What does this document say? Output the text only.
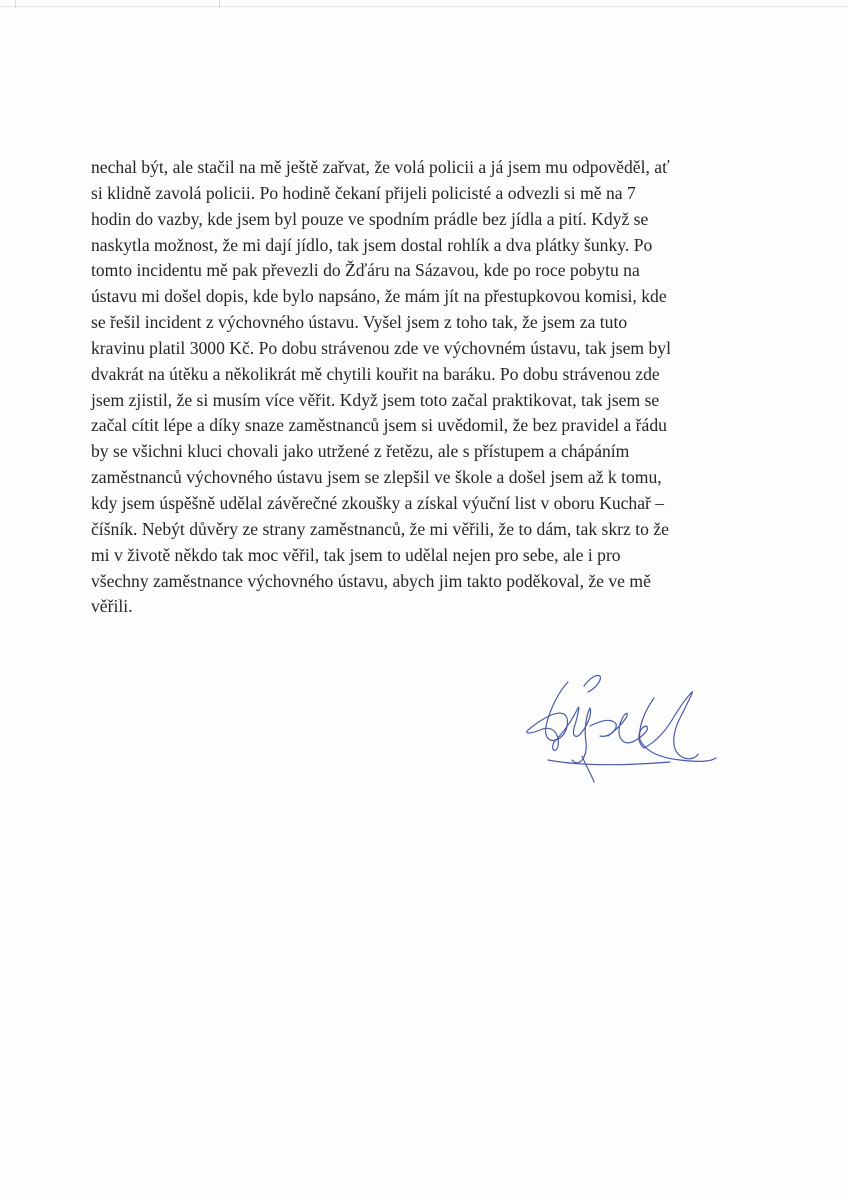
nechal být, ale stačil na mě ještě zařvat, že volá policii a já jsem mu odpověděl, ať
si klidně zavolá policii. Po hodině čekaní přijeli policisté a odvezli si mě na 7
hodin do vazby, kde jsem byl pouze ve spodním prádle bez jídla a pití. Když se
naskytla možnost, že mi dají jídlo, tak jsem dostal rohlík a dva plátky šunky. Po
tomto incidentu mě pak převezli do Žďáru na Sázavou, kde po roce pobytu na
ústavu mi došel dopis, kde bylo napsáno, že mám jít na přestupkovou komisi, kde
se řešil incident z výchovného ústavu. Vyšel jsem z toho tak, že jsem za tuto
kravinu platil 3000 Kč. Po dobu strávenou zde ve výchovném ústavu, tak jsem byl
dvakrát na útěku a několikrát mě chytili kouřit na baráku. Po dobu strávenou zde
jsem zjistil, že si musím více věřit. Když jsem toto začal praktikovat, tak jsem se
začal cítit lépe a díky snaze zaměstnanců jsem si uvědomil, že bez pravidel a řádu
by se všichni kluci chovali jako utržené z řetězu, ale s přístupem a chápáním
zaměstnanců výchovného ústavu jsem se zlepšil ve škole a došel jsem až k tomu,
kdy jsem úspěšně udělal závěrečné zkoušky a získal výuční list v oboru Kuchař –
číšník. Nebýt důvěry ze strany zaměstnanců, že mi věřili, že to dám, tak skrz to že
mi v životě někdo tak moc věřil, tak jsem to udělal nejen pro sebe, ale i pro
všechny zaměstnance výchovného ústavu, abych jim takto poděkoval, že ve mě
věřili.
